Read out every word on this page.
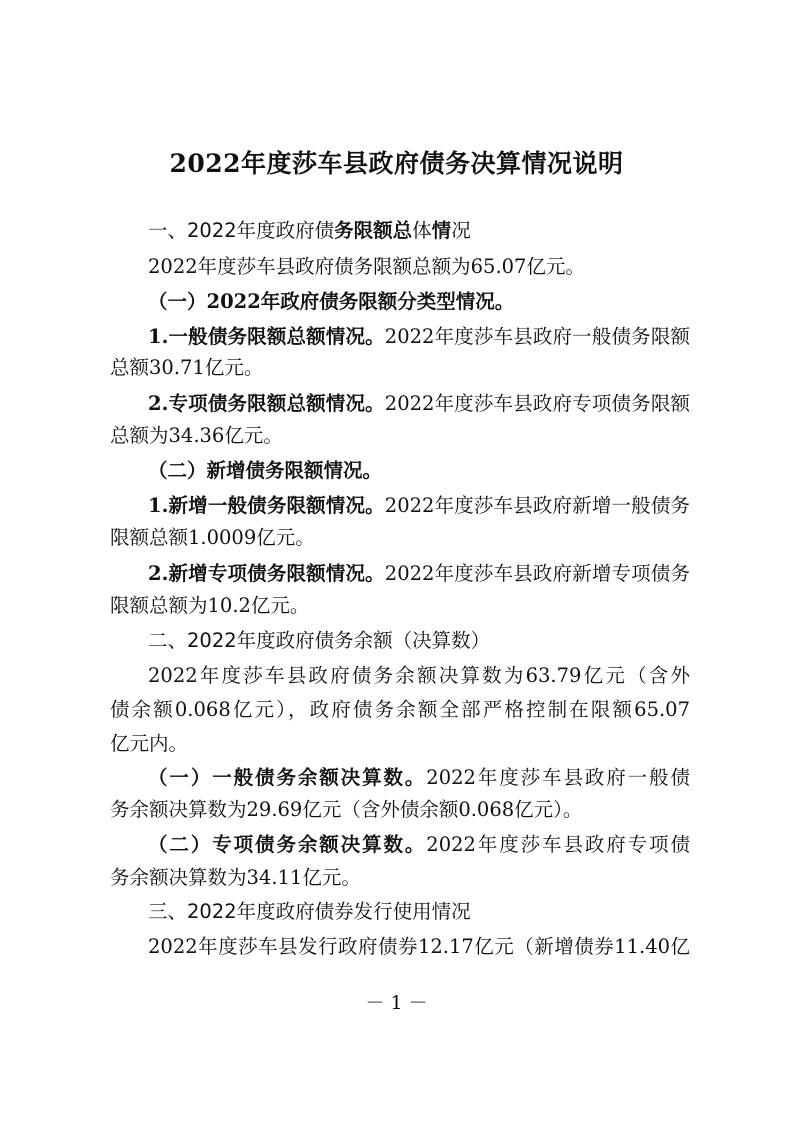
2022年度莎车县政府债务决算情况说明
一、2022年度政府债务限额总体情况
2022年度莎车县政府债务限额总额为65.07亿元。
（一）2022年政府债务限额分类型情况。
1.一般债务限额总额情况。2022年度莎车县政府一般债务限额
总额30.71亿元。
2.专项债务限额总额情况。2022年度莎车县政府专项债务限额
总额为34.36亿元。
（二）新增债务限额情况。
1.新增一般债务限额情况。2022年度莎车县政府新增一般债务
限额总额1.0009亿元。
2.新增专项债务限额情况。2022年度莎车县政府新增专项债务
限额总额为10.2亿元。
二、2022年度政府债务余额（决算数）
2022年度莎车县政府债务余额决算数为63.79亿元（含外
债余额0.068亿元），政府债务余额全部严格控制在限额65.07
亿元内。
（一）一般债务余额决算数。2022年度莎车县政府一般债
务余额决算数为29.69亿元（含外债余额0.068亿元）。
（二）专项债务余额决算数。2022年度莎车县政府专项债
务余额决算数为34.11亿元。
三、2022年度政府债券发行使用情况
2022年度莎车县发行政府债券12.17亿元（新增债券11.40亿
－ 1 －
